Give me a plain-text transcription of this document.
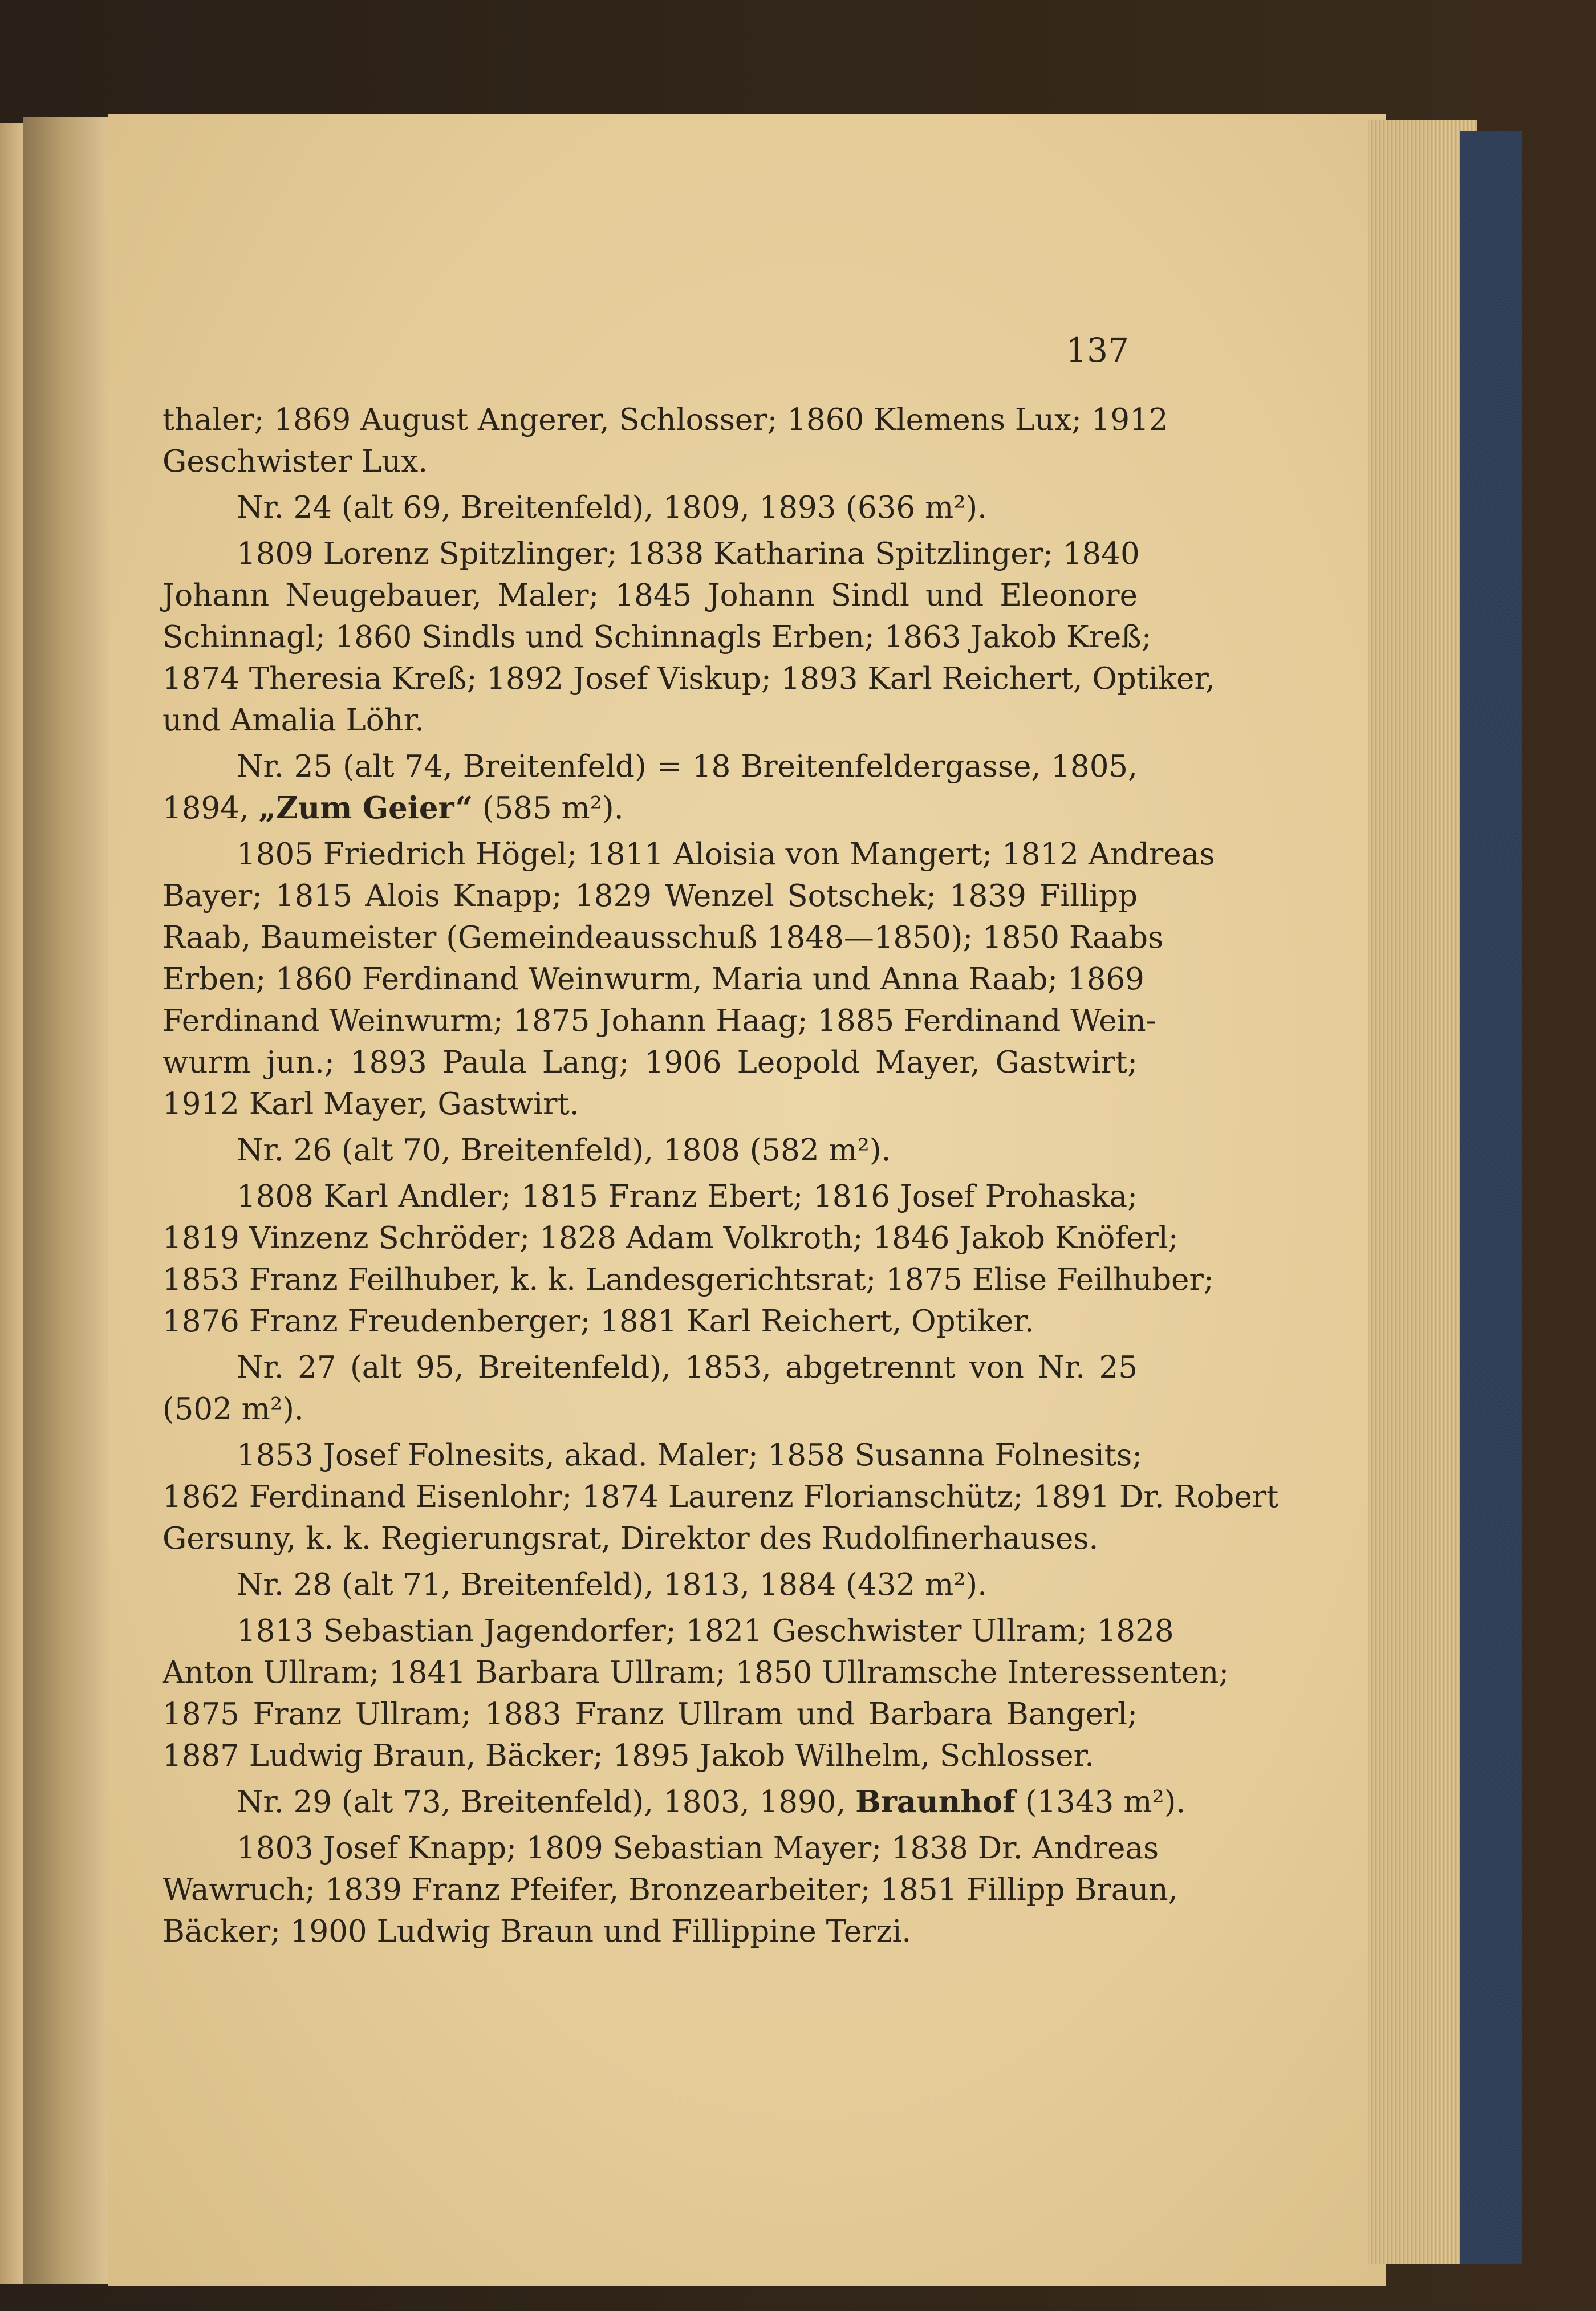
137
thaler; 1869 August Angerer, Schlosser; 1860 Klemens Lux; 1912
Geschwister Lux.
Nr. 24 (alt 69, Breitenfeld), 1809, 1893 (636 m²).
1809 Lorenz Spitzlinger; 1838 Katharina Spitzlinger; 1840
Johann Neugebauer, Maler; 1845 Johann Sindl und Eleonore
Schinnagl; 1860 Sindls und Schinnagls Erben; 1863 Jakob Kreß;
1874 Theresia Kreß; 1892 Josef Viskup; 1893 Karl Reichert, Optiker,
und Amalia Löhr.
Nr. 25 (alt 74, Breitenfeld) = 18 Breitenfeldergasse, 1805,
1894, „Zum Geier“ (585 m²).
1805 Friedrich Högel; 1811 Aloisia von Mangert; 1812 Andreas
Bayer; 1815 Alois Knapp; 1829 Wenzel Sotschek; 1839 Fillipp
Raab, Baumeister (Gemeindeausschuß 1848—1850); 1850 Raabs
Erben; 1860 Ferdinand Weinwurm, Maria und Anna Raab; 1869
Ferdinand Weinwurm; 1875 Johann Haag; 1885 Ferdinand Wein-
wurm jun.; 1893 Paula Lang; 1906 Leopold Mayer, Gastwirt;
1912 Karl Mayer, Gastwirt.
Nr. 26 (alt 70, Breitenfeld), 1808 (582 m²).
1808 Karl Andler; 1815 Franz Ebert; 1816 Josef Prohaska;
1819 Vinzenz Schröder; 1828 Adam Volkroth; 1846 Jakob Knöferl;
1853 Franz Feilhuber, k. k. Landesgerichtsrat; 1875 Elise Feilhuber;
1876 Franz Freudenberger; 1881 Karl Reichert, Optiker.
Nr. 27 (alt 95, Breitenfeld), 1853, abgetrennt von Nr. 25
(502 m²).
1853 Josef Folnesits, akad. Maler; 1858 Susanna Folnesits;
1862 Ferdinand Eisenlohr; 1874 Laurenz Florianschütz; 1891 Dr. Robert
Gersuny, k. k. Regierungsrat, Direktor des Rudolfinerhauses.
Nr. 28 (alt 71, Breitenfeld), 1813, 1884 (432 m²).
1813 Sebastian Jagendorfer; 1821 Geschwister Ullram; 1828
Anton Ullram; 1841 Barbara Ullram; 1850 Ullramsche Interessenten;
1875 Franz Ullram; 1883 Franz Ullram und Barbara Bangerl;
1887 Ludwig Braun, Bäcker; 1895 Jakob Wilhelm, Schlosser.
Nr. 29 (alt 73, Breitenfeld), 1803, 1890, Braunhof (1343 m²).
1803 Josef Knapp; 1809 Sebastian Mayer; 1838 Dr. Andreas
Wawruch; 1839 Franz Pfeifer, Bronzearbeiter; 1851 Fillipp Braun,
Bäcker; 1900 Ludwig Braun und Fillippine Terzi.
